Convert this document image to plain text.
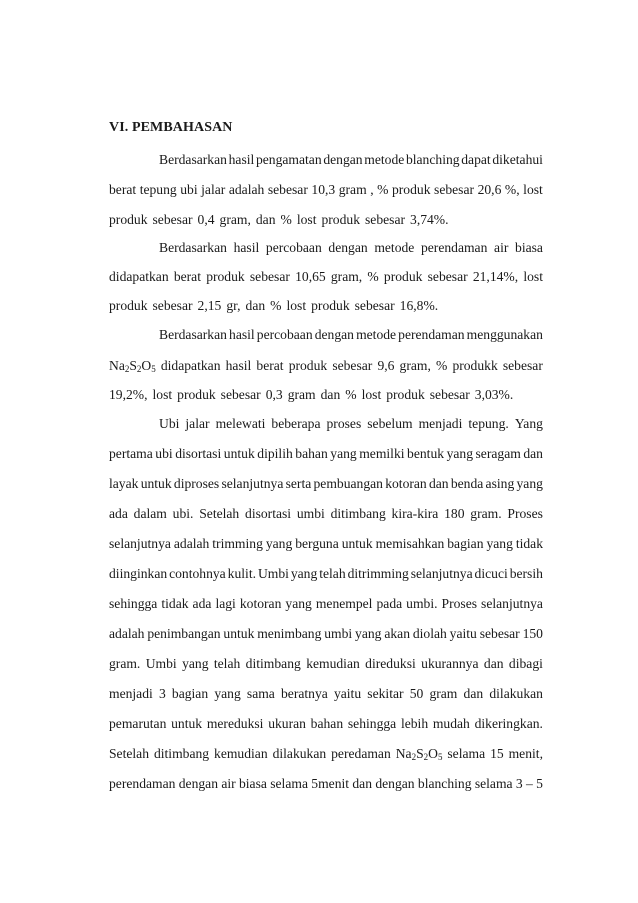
VI. PEMBAHASAN
Berdasarkan hasil pengamatan dengan metode blanching dapat diketahui
berat tepung ubi jalar adalah sebesar 10,3 gram , % produk sebesar 20,6 %, lost
produk sebesar 0,4 gram, dan % lost produk sebesar 3,74%.
Berdasarkan hasil percobaan dengan metode perendaman air biasa
didapatkan berat produk sebesar 10,65 gram, % produk sebesar 21,14%, lost
produk sebesar 2,15 gr, dan % lost produk sebesar 16,8%.
Berdasarkan hasil percobaan dengan metode perendaman menggunakan
$Na_2S_2O_5$ didapatkan hasil berat produk sebesar 9,6 gram, % produkk sebesar
19,2%, lost produk sebesar 0,3 gram dan % lost produk sebesar 3,03%.
Ubi jalar melewati beberapa proses sebelum menjadi tepung. Yang
pertama ubi disortasi untuk dipilih bahan yang memilki bentuk yang seragam dan
layak untuk diproses selanjutnya serta pembuangan kotoran dan benda asing yang
ada dalam ubi. Setelah disortasi umbi ditimbang kira-kira 180 gram. Proses
selanjutnya adalah trimming yang berguna untuk memisahkan bagian yang tidak
diinginkan contohnya kulit. Umbi yang telah ditrimming selanjutnya dicuci bersih
sehingga tidak ada lagi kotoran yang menempel pada umbi. Proses selanjutnya
adalah penimbangan untuk menimbang umbi yang akan diolah yaitu sebesar 150
gram. Umbi yang telah ditimbang kemudian direduksi ukurannya dan dibagi
menjadi 3 bagian yang sama beratnya yaitu sekitar 50 gram dan dilakukan
pemarutan untuk mereduksi ukuran bahan sehingga lebih mudah dikeringkan.
Setelah ditimbang kemudian dilakukan peredaman $Na_2S_2O_5$ selama 15 menit,
perendaman dengan air biasa selama 5menit dan dengan blanching selama 3 – 5
